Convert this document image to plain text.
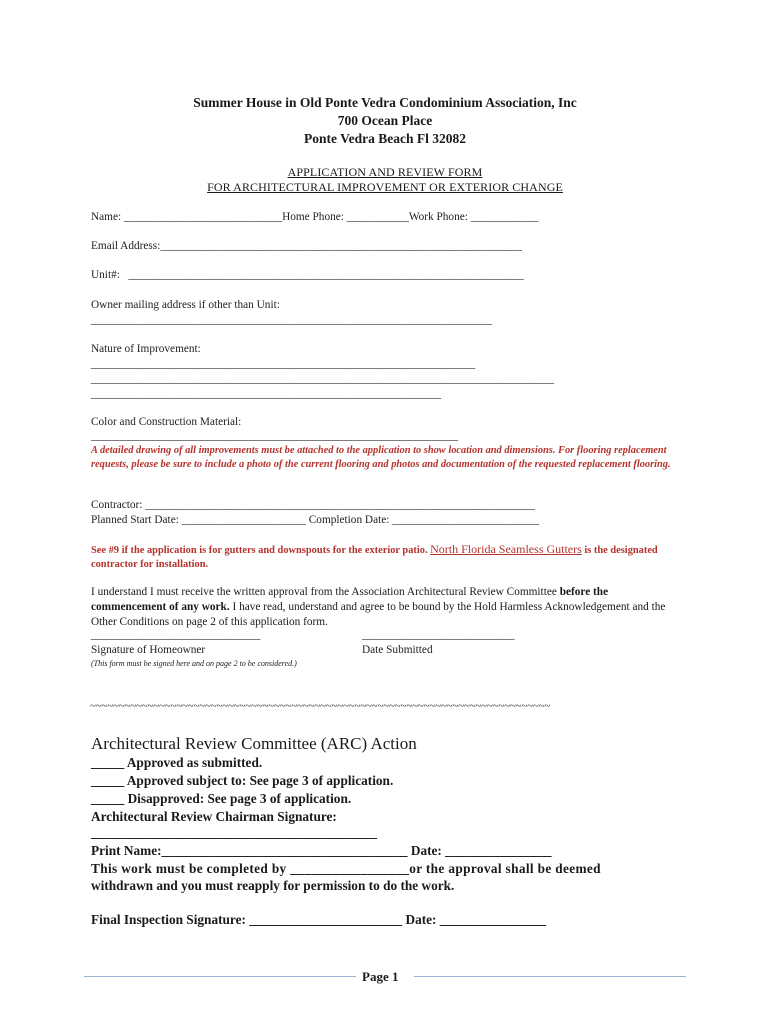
Summer House in Old Ponte Vedra Condominium Association, Inc
700 Ocean Place
Ponte Vedra Beach Fl 32082
APPLICATION AND REVIEW FORM
FOR ARCHITECTURAL IMPROVEMENT OR EXTERIOR CHANGE
Name: ____________________________Home Phone: ___________Work Phone: ____________
Email Address:________________________________________________________________
Unit#:   ______________________________________________________________________
Owner mailing address if other than Unit:
_______________________________________________________________________
Nature of Improvement:
____________________________________________________________________
__________________________________________________________________________________
______________________________________________________________
Color and Construction Material:
_________________________________________________________________
A detailed drawing of all improvements must be attached to the application to show location and dimensions. For flooring replacement requests, please be sure to include a photo of the current flooring and photos and documentation of the requested replacement flooring.
Contractor: _____________________________________________________________________
Planned Start Date: ______________________ Completion Date: __________________________
See #9 if the application is for gutters and downspouts for the exterior patio. North Florida Seamless Gutters is the designated contractor for installation.
I understand I must receive the written approval from the Association Architectural Review Committee before the commencement of any work. I have read, understand and agree to be bound by the Hold Harmless Acknowledgement and the Other Conditions on page 2 of this application form.
______________________________	___________________________
Signature of Homeowner	Date Submitted
(This form must be signed here and on page 2 to be considered.)
~~~~~~~~~~~~~~~~~~~~~~~~~~~~~~~~~~~~~~~~~~~~~~~~~~~~~~~~~~~~~~~~~~~~~~~~~~~~~~~~
Architectural Review Committee (ARC) Action
_____ Approved as submitted.
_____ Approved subject to: See page 3 of application.
_____ Disapproved: See page 3 of application.
Architectural Review Chairman Signature:
___________________________________________
Print Name:_____________________________________ Date: ________________
This work must be completed by _________________or the approval shall be deemed
withdrawn and you must reapply for permission to do the work.
Final Inspection Signature: _______________________ Date: ________________
Page 1
